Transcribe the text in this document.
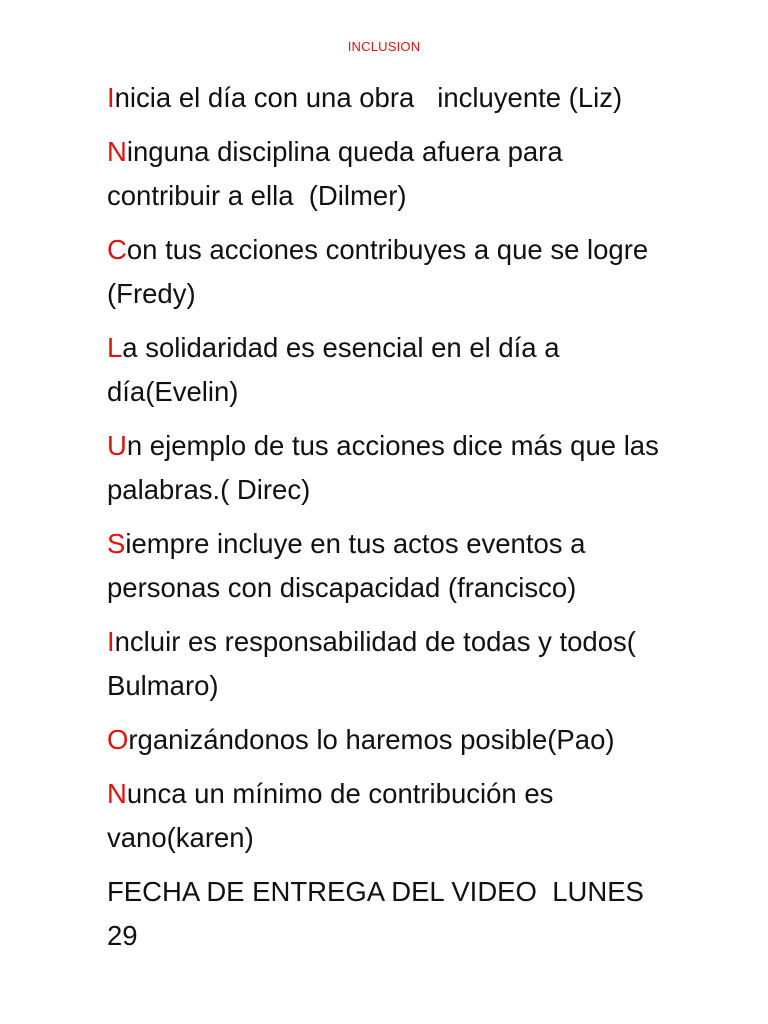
INCLUSION

Inicia el día con una obra   incluyente (Liz)

Ninguna disciplina queda afuera para contribuir a ella  (Dilmer)

Con tus acciones contribuyes a que se logre (Fredy)

La solidaridad es esencial en el día a día(Evelin)

Un ejemplo de tus acciones dice más que las palabras.( Direc)

Siempre incluye en tus actos eventos a personas con discapacidad (francisco)

Incluir es responsabilidad de todas y todos( Bulmaro)

Organizándonos lo haremos posible(Pao)

Nunca un mínimo de contribución es vano(karen)

FECHA DE ENTREGA DEL VIDEO  LUNES 29
